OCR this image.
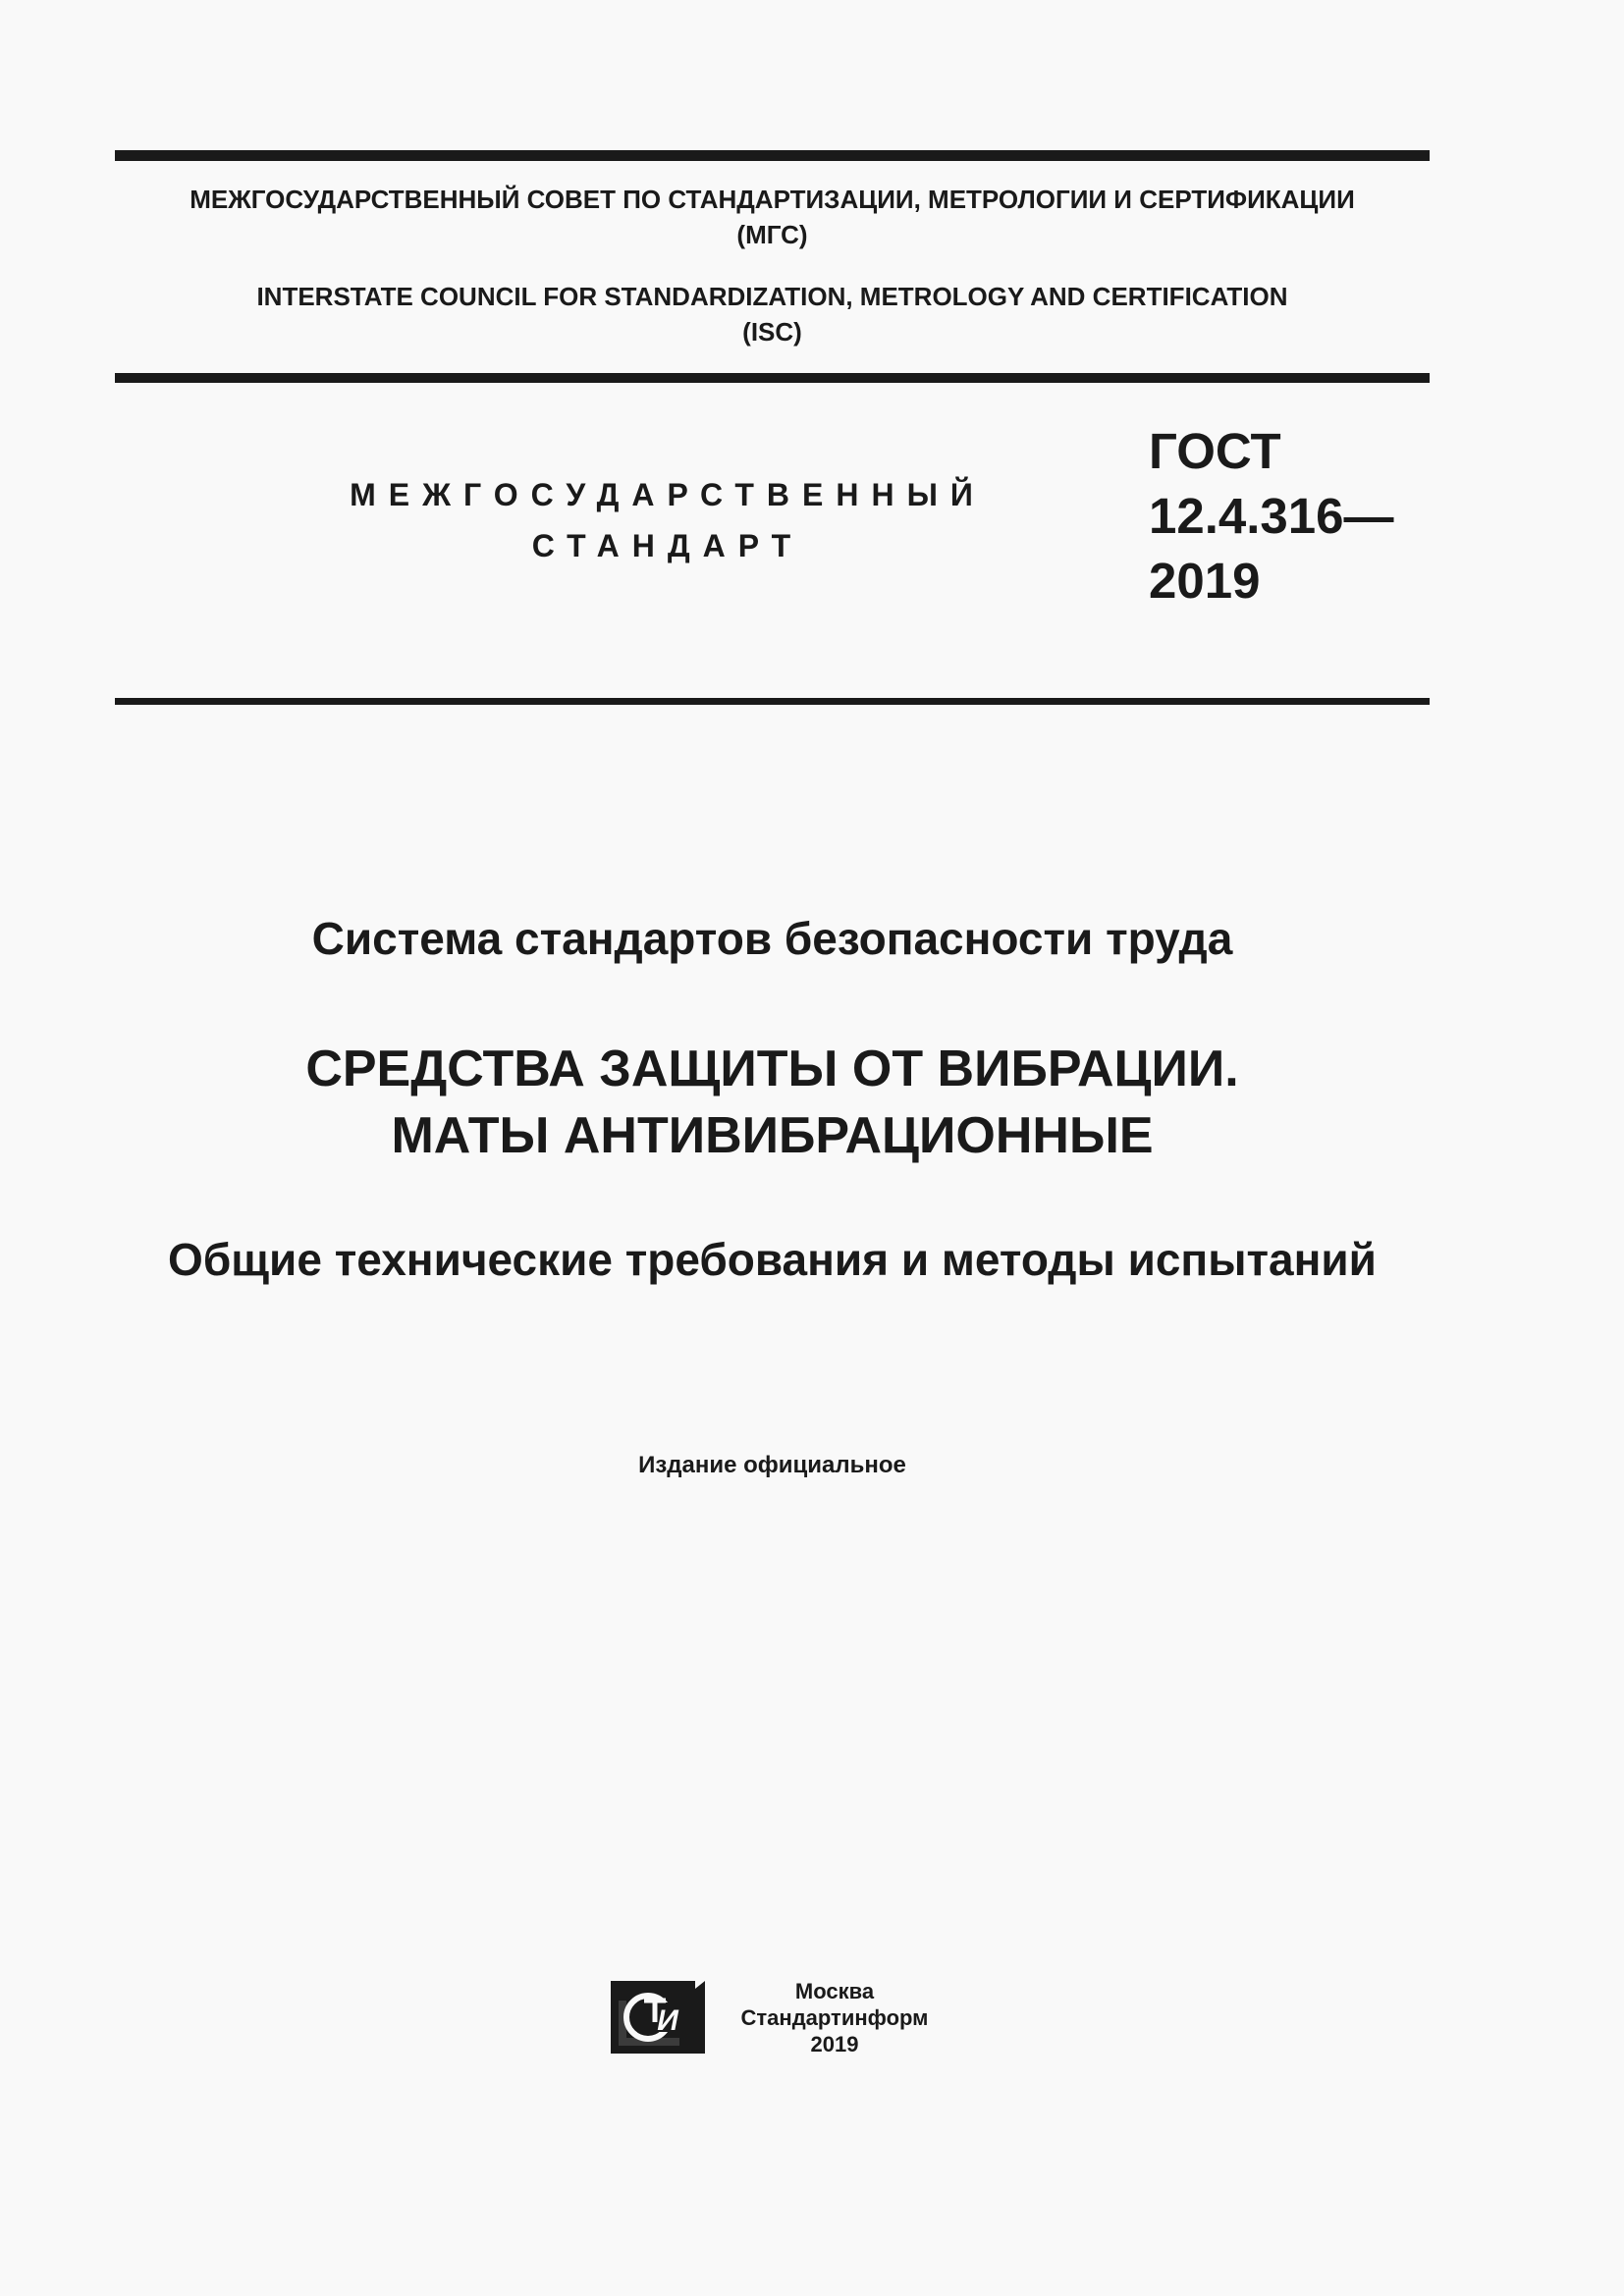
МЕЖГОСУДАРСТВЕННЫЙ СОВЕТ ПО СТАНДАРТИЗАЦИИ, МЕТРОЛОГИИ И СЕРТИФИКАЦИИ
(МГС)
INTERSTATE COUNCIL FOR STANDARDIZATION, METROLOGY AND CERTIFICATION
(ISC)
МЕЖГОСУДАРСТВЕННЫЙ
СТАНДАРТ
ГОСТ
12.4.316—
2019
Система стандартов безопасности труда
СРЕДСТВА ЗАЩИТЫ ОТ ВИБРАЦИИ.
МАТЫ АНТИВИБРАЦИОННЫЕ
Общие технические требования и методы испытаний
Издание официальное
И
Москва
Стандартинформ
2019
